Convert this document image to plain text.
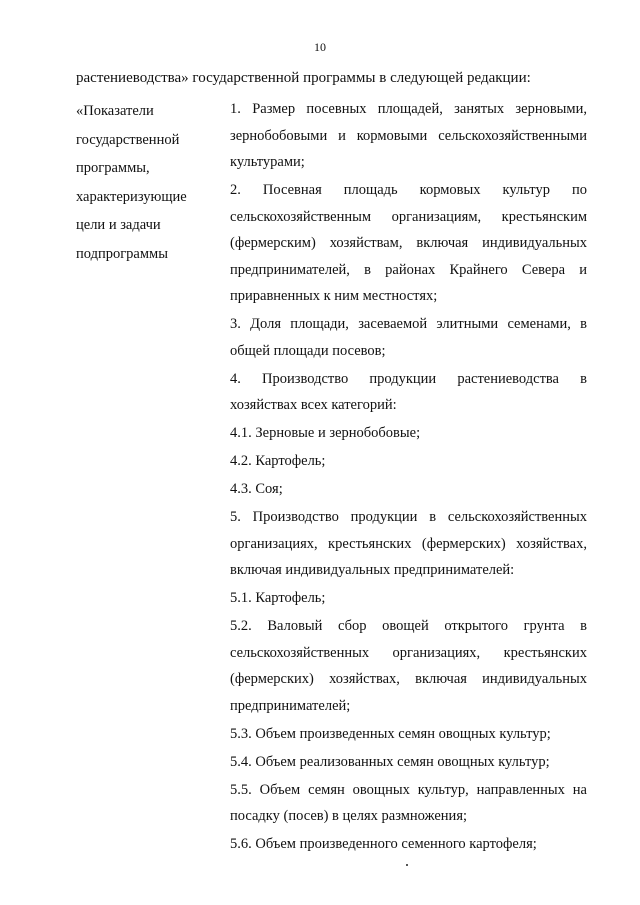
10
растениеводства» государственной программы в следующей редакции:
«Показатели
государственной
программы,
характеризующие
цели и задачи
подпрограммы
1. Размер посевных площадей, занятых зерновыми, зернобобовыми и кормовыми сельскохозяйственными культурами;
2. Посевная площадь кормовых культур по сельскохозяйственным организациям, крестьянским (фермерским) хозяйствам, включая индивидуальных предпринимателей, в районах Крайнего Севера и приравненных к ним местностях;
3. Доля площади, засеваемой элитными семенами, в общей площади посевов;
4. Производство продукции растениеводства в хозяйствах всех категорий:
4.1. Зерновые и зернобобовые;
4.2. Картофель;
4.3. Соя;
5. Производство продукции в сельскохозяйственных организациях, крестьянских (фермерских) хозяйствах, включая индивидуальных предпринимателей:
5.1. Картофель;
5.2. Валовый сбор овощей открытого грунта в сельскохозяйственных организациях, крестьянских (фермерских) хозяйствах, включая индивидуальных предпринимателей;
5.3. Объем произведенных семян овощных культур;
5.4. Объем реализованных семян овощных культур;
5.5. Объем семян овощных культур, направленных на посадку (посев) в целях размножения;
5.6. Объем произведенного семенного картофеля;
